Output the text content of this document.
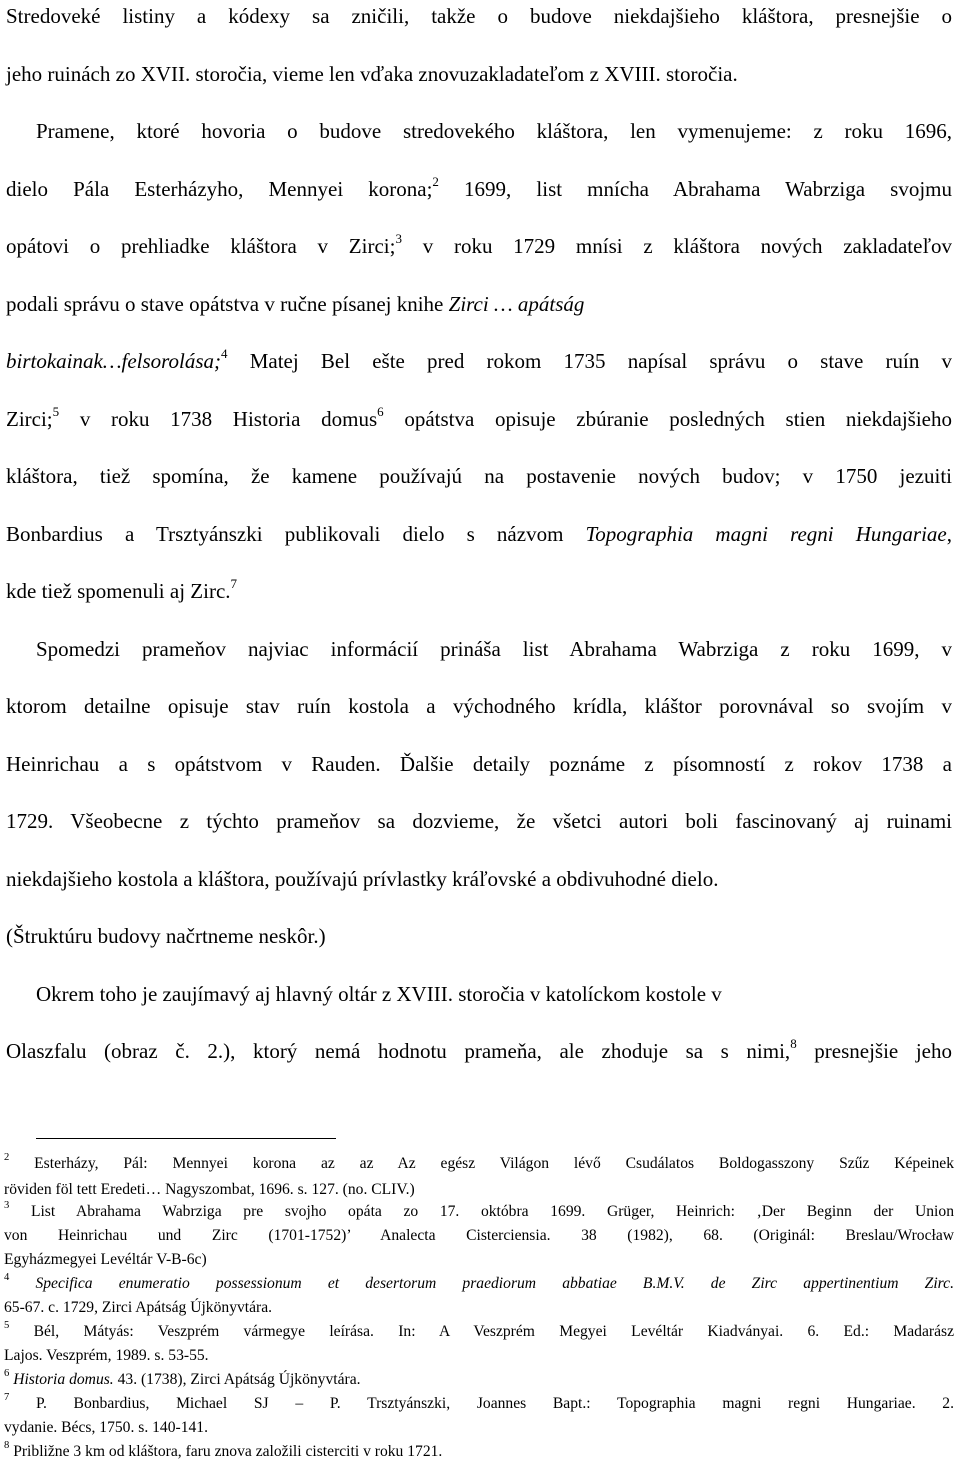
Stredoveké listiny a kódexy sa zničili, takže o budove niekdajšieho kláštora, presnejšie o
jeho ruinách zo XVII. storočia, vieme len vďaka znovuzakladateľom z XVIII. storočia.
Pramene, ktoré hovoria o budove stredovekého kláštora, len vymenujeme: z roku 1696,
dielo Pála Esterházyho, Mennyei korona;$^2$ 1699, list mnícha Abrahama Wabrziga svojmu
opátovi o prehliadke kláštora v Zirci;$^3$ v roku 1729 mnísi z kláštora nových zakladateľov
podali správu o stave opátstva v ručne písanej knihe Zirci … apátság
birtokainak…felsorolása;$^4$ Matej Bel ešte pred rokom 1735 napísal správu o stave ruín v
Zirci;$^5$ v roku 1738 Historia domus$^6$ opátstva opisuje zbúranie posledných stien niekdajšieho
kláštora, tiež spomína, že kamene používajú na postavenie nových budov; v 1750 jezuiti
Bonbardius a Trsztyánszki publikovali dielo s názvom Topographia magni regni Hungariae,
kde tiež spomenuli aj Zirc.$^7$
Spomedzi prameňov najviac informácií prináša list Abrahama Wabrziga z roku 1699, v
ktorom detailne opisuje stav ruín kostola a východného krídla, kláštor porovnával so svojím v
Heinrichau a s opátstvom v Rauden. Ďalšie detaily poznáme z písomností z rokov 1738 a
1729. Všeobecne z týchto prameňov sa dozvieme, že všetci autori boli fascinovaný aj ruinami
niekdajšieho kostola a kláštora, používajú prívlastky kráľovské a obdivuhodné dielo.
(Štruktúru budovy načrtneme neskôr.)
Okrem toho je zaujímavý aj hlavný oltár z XVIII. storočia v katolíckom kostole v
Olaszfalu (obraz č. 2.), ktorý nemá hodnotu prameňa, ale zhoduje sa s nimi,$^8$ presnejšie jeho
$^2$ Esterházy, Pál: Mennyei korona az az Az egész Világon lévő Csudálatos Boldogasszony Szűz Képeinek
röviden föl tett Eredeti… Nagyszombat, 1696. s. 127. (no. CLIV.)
$^3$ List Abrahama Wabrziga pre svojho opáta zo 17. októbra 1699. Grüger, Heinrich: ‚Der Beginn der Union
von Heinrichau und Zirc (1701-1752)’ Analecta Cisterciensia. 38 (1982), 68. (Originál: Breslau/Wrocław
Egyházmegyei Levéltár V-B-6c)
$^4$ Specifica enumeratio possessionum et desertorum praediorum abbatiae B.M.V. de Zirc appertinentium Zirc.
65-67. c. 1729, Zirci Apátság Újkönyvtára.
$^5$ Bél, Mátyás: Veszprém vármegye leírása. In: A Veszprém Megyei Levéltár Kiadványai. 6. Ed.: Madarász
Lajos. Veszprém, 1989. s. 53-55.
$^6$ Historia domus. 43. (1738), Zirci Apátság Újkönyvtára.
$^7$ P. Bonbardius, Michael SJ – P. Trsztyánszki, Joannes Bapt.: Topographia magni regni Hungariae. 2.
vydanie. Bécs, 1750. s. 140-141.
$^8$ Približne 3 km od kláštora, faru znova založili cisterciti v roku 1721.
